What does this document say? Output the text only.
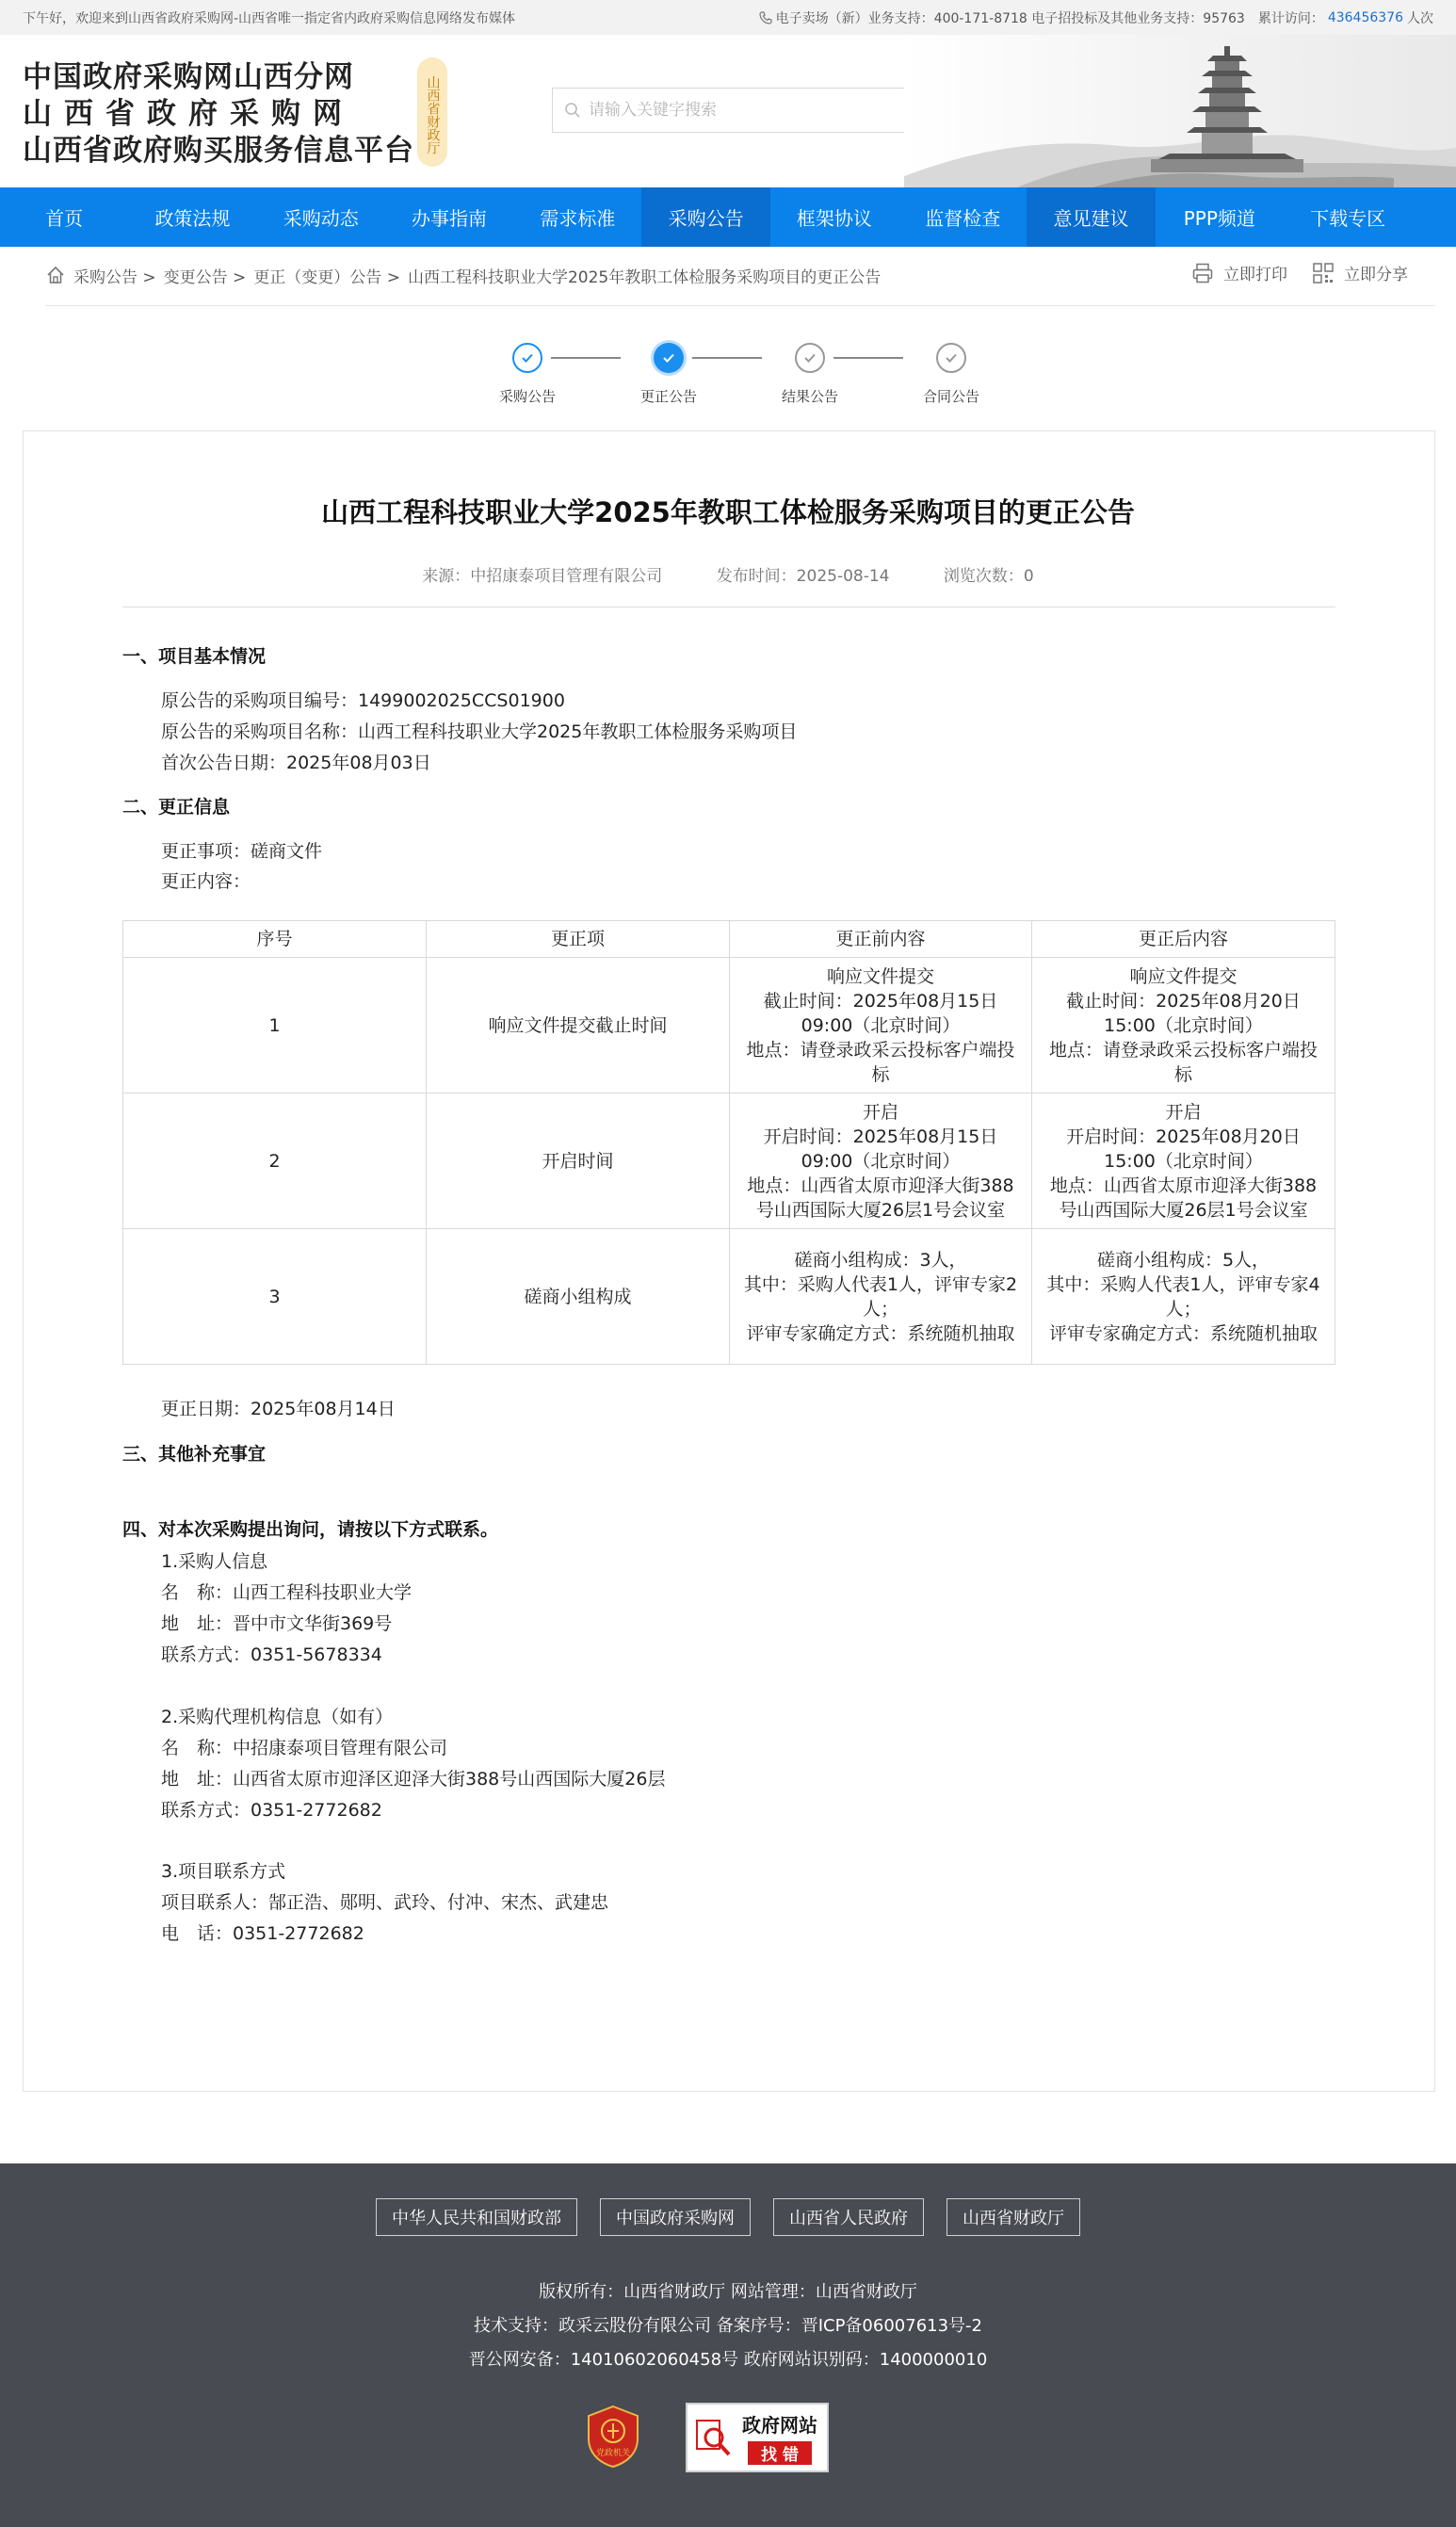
下午好，欢迎来到山西省政府采购网-山西省唯一指定省内政府采购信息网络发布媒体	电子卖场（新）业务支持：400-171-8718 电子招投标及其他业务支持：95763 累计访问： 436456376 人次
中国政府采购网山西分网
山西省政府采购网
山西省政府购买服务信息平台 山西省财政厅
请输入关键字搜索
首页	政策法规	采购动态	办事指南	需求标准	采购公告	框架协议	监督检查	意见建议	PPP频道	下载专区
采购公告 > 变更公告 > 更正（变更）公告 > 山西工程科技职业大学2025年教职工体检服务采购项目的更正公告	立即打印	立即分享
采购公告	更正公告	结果公告	合同公告
山西工程科技职业大学2025年教职工体检服务采购项目的更正公告
来源：中招康泰项目管理有限公司	发布时间：2025-08-14	浏览次数：0
一、项目基本情况
原公告的采购项目编号：1499002025CCS01900
原公告的采购项目名称：山西工程科技职业大学2025年教职工体检服务采购项目
首次公告日期：2025年08月03日
二、更正信息
更正事项：磋商文件
更正内容：
序号	更正项	更正前内容	更正后内容
1	响应文件提交截止时间	响应文件提交
截止时间：2025年08月15日 09:00（北京时间）
地点：请登录政采云投标客户端投标	响应文件提交
截止时间：2025年08月20日 15:00（北京时间）
地点：请登录政采云投标客户端投标
2	开启时间	开启
开启时间：2025年08月15日 09:00（北京时间）
地点：山西省太原市迎泽大街388号山西国际大厦26层1号会议室	开启
开启时间：2025年08月20日 15:00（北京时间）
地点：山西省太原市迎泽大街388号山西国际大厦26层1号会议室
3	磋商小组构成	磋商小组构成：3人，
其中：采购人代表1人，评审专家2人；
评审专家确定方式：系统随机抽取	磋商小组构成：5人，
其中：采购人代表1人，评审专家4人；
评审专家确定方式：系统随机抽取
更正日期：2025年08月14日
三、其他补充事宜
四、对本次采购提出询问，请按以下方式联系。
1.采购人信息
名　称：山西工程科技职业大学
地　址：晋中市文华街369号
联系方式：0351-5678334
2.采购代理机构信息（如有）
名　称：中招康泰项目管理有限公司
地　址：山西省太原市迎泽区迎泽大街388号山西国际大厦26层
联系方式：0351-2772682
3.项目联系方式
项目联系人：郜正浩、郧明、武玲、付冲、宋杰、武建忠
电　话：0351-2772682
中华人民共和国财政部	中国政府采购网	山西省人民政府	山西省财政厅
版权所有：山西省财政厅 网站管理：山西省财政厅
技术支持：政采云股份有限公司 备案序号：晋ICP备06007613号-2
晋公网安备：14010602060458号 政府网站识别码：1400000010
党政机关
政府网站
找 错
